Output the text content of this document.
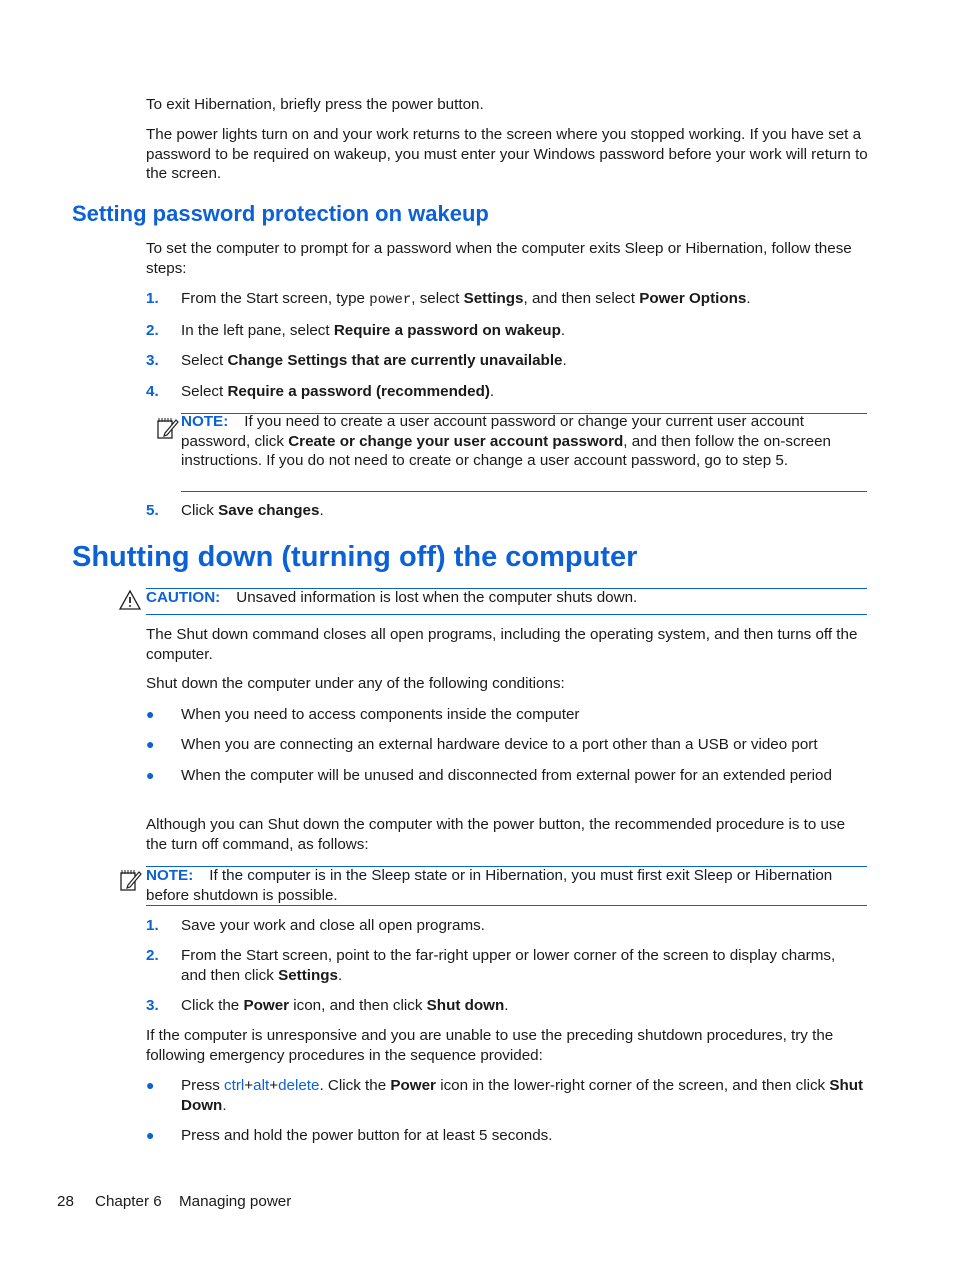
To exit Hibernation, briefly press the power button.
The power lights turn on and your work returns to the screen where you stopped working. If you have set a password to be required on wakeup, you must enter your Windows password before your work will return to the screen.
Setting password protection on wakeup
To set the computer to prompt for a password when the computer exits Sleep or Hibernation, follow these steps:
1. From the Start screen, type power, select Settings, and then select Power Options.
2. In the left pane, select Require a password on wakeup.
3. Select Change Settings that are currently unavailable.
4. Select Require a password (recommended).
NOTE: If you need to create a user account password or change your current user account password, click Create or change your user account password, and then follow the on-screen instructions. If you do not need to create or change a user account password, go to step 5.
5. Click Save changes.
Shutting down (turning off) the computer
CAUTION: Unsaved information is lost when the computer shuts down.
The Shut down command closes all open programs, including the operating system, and then turns off the computer.
Shut down the computer under any of the following conditions:
● When you need to access components inside the computer
● When you are connecting an external hardware device to a port other than a USB or video port
● When the computer will be unused and disconnected from external power for an extended period
Although you can Shut down the computer with the power button, the recommended procedure is to use the turn off command, as follows:
NOTE: If the computer is in the Sleep state or in Hibernation, you must first exit Sleep or Hibernation before shutdown is possible.
1. Save your work and close all open programs.
2. From the Start screen, point to the far-right upper or lower corner of the screen to display charms, and then click Settings.
3. Click the Power icon, and then click Shut down.
If the computer is unresponsive and you are unable to use the preceding shutdown procedures, try the following emergency procedures in the sequence provided:
● Press ctrl+alt+delete. Click the Power icon in the lower-right corner of the screen, and then click Shut Down.
● Press and hold the power button for at least 5 seconds.
28 Chapter 6 Managing power
